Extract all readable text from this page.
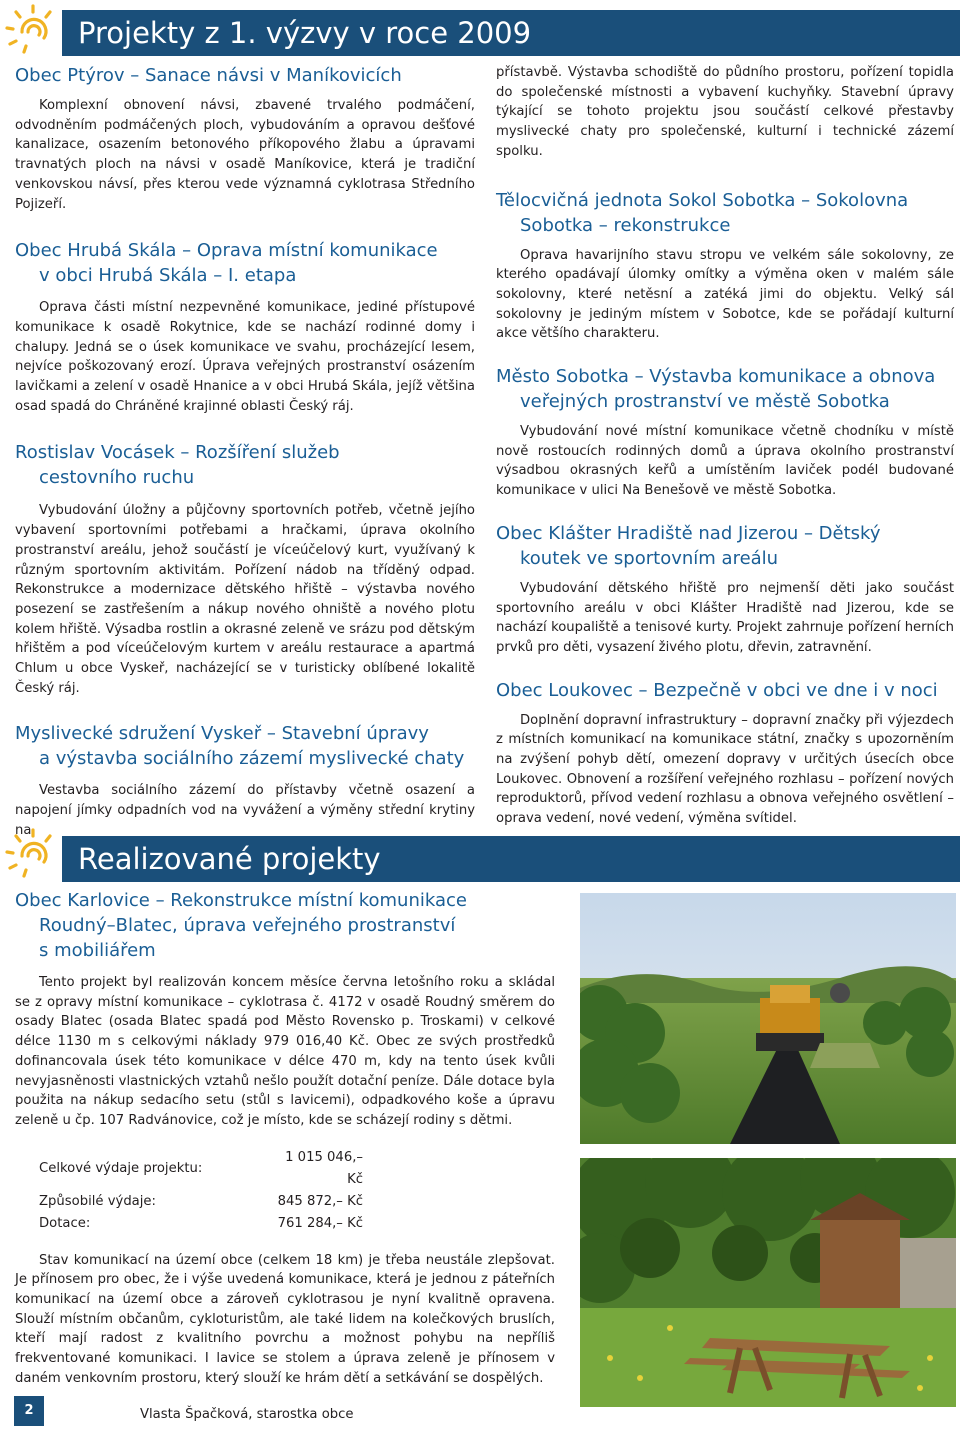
Projekty z 1. výzvy v roce 2009
Obec Ptýrov – Sanace návsi v Maníkovicích

Komplexní obnovení návsi, zbavené trvalého podmáčení, odvodněním podmáčených ploch, vybudováním a opravou dešťové kanalizace, osazením betonového příkopového žlabu a úpravami travnatých ploch na návsi v osadě Maníkovice, která je tradiční venkovskou návsí, přes kterou vede významná cyklotrasa Středního Pojizeří.

Obec Hrubá Skála – Oprava místní komunikace
v obci Hrubá Skála – I. etapa

Oprava části místní nezpevněné komunikace, jediné přístupové komunikace k osadě Rokytnice, kde se nachází rodinné domy i chalupy. Jedná se o úsek komunikace ve svahu, procházející lesem, nejvíce poškozovaný erozí. Úprava veřejných prostranství osázením lavičkami a zelení v osadě Hnanice a v obci Hrubá Skála, jejíž většina osad spadá do Chráněné krajinné oblasti Český ráj.

Rostislav Vocásek – Rozšíření služeb
cestovního ruchu

Vybudování úložny a půjčovny sportovních potřeb, včetně jejího vybavení sportovními potřebami a hračkami, úprava okolního prostranství areálu, jehož součástí je víceúčelový kurt, využívaný k různým sportovním aktivitám. Pořízení nádob na tříděný odpad. Rekonstrukce a modernizace dětského hřiště – výstavba nového posezení se zastřešením a nákup nového ohniště a nového plotu kolem hřiště. Výsadba rostlin a okrasné zeleně ve srázu pod dětským hřištěm a pod víceúčelovým kurtem v areálu restaurace a apartmá Chlum u obce Vyskeř, nacházející se v turisticky oblíbené lokalitě Český ráj.

Myslivecké sdružení Vyskeř – Stavební úpravy
a výstavba sociálního zázemí myslivecké chaty

Vestavba sociálního zázemí do přístavby včetně osazení a napojení jímky odpadních vod na vyvážení a výměny střední krytiny na

přístavbě. Výstavba schodiště do půdního prostoru, pořízení topidla do společenské místnosti a vybavení kuchyňky. Stavební úpravy týkající se tohoto projektu jsou součástí celkové přestavby myslivecké chaty pro společenské, kulturní i technické zázemí spolku.

Tělocvičná jednota Sokol Sobotka – Sokolovna
Sobotka – rekonstrukce

Oprava havarijního stavu stropu ve velkém sále sokolovny, ze kterého opadávají úlomky omítky a výměna oken v malém sále sokolovny, které netěsní a zatéká jimi do objektu. Velký sál sokolovny je jediným místem v Sobotce, kde se pořádají kulturní akce většího charakteru.

Město Sobotka – Výstavba komunikace a obnova
veřejných prostranství ve městě Sobotka

Vybudování nové místní komunikace včetně chodníku v místě nově rostoucích rodinných domů a úprava okolního prostranství výsadbou okrasných keřů a umístěním laviček podél budované komunikace v ulici Na Benešově ve městě Sobotka.

Obec Klášter Hradiště nad Jizerou – Dětský
koutek ve sportovním areálu

Vybudování dětského hřiště pro nejmenší děti jako součást sportovního areálu v obci Klášter Hradiště nad Jizerou, kde se nachází koupaliště a tenisové kurty. Projekt zahrnuje pořízení herních prvků pro děti, vysazení živého plotu, dřevin, zatravnění.

Obec Loukovec – Bezpečně v obci ve dne i v noci

Doplnění dopravní infrastruktury – dopravní značky při výjezdech z místních komunikací na komunikace státní, značky s upozorněním na zvýšení pohyb dětí, omezení dopravy v určitých úsecích obce Loukovec. Obnovení a rozšíření veřejného rozhlasu – pořízení nových reproduktorů, přívod vedení rozhlasu a obnova veřejného osvětlení – oprava vedení, nové vedení, výměna svítidel.

Realizované projekty
Obec Karlovice – Rekonstrukce místní komunikace
Roudný–Blatec, úprava veřejného prostranství
s mobiliářem

Tento projekt byl realizován koncem měsíce června letošního roku a skládal se z opravy místní komunikace – cyklotrasa č. 4172 v osadě Roudný směrem do osady Blatec (osada Blatec spadá pod Město Rovensko p. Troskami) v celkové délce 1130 m s celkovými náklady 979 016,40 Kč. Obec ze svých prostředků dofinancovala úsek této komunikace v délce 470 m, kdy na tento úsek kvůli nevyjasněnosti vlastnických vztahů nešlo použít dotační peníze. Dále dotace byla použita na nákup sedacího setu (stůl s lavicemi), odpadkového koše a úpravu zeleně u čp. 107 Radvánovice, což je místo, kde se scházejí rodiny s dětmi.

Celkové výdaje projektu:	1 015 046,– Kč
Způsobilé výdaje:	845 872,– Kč
Dotace:	761 284,– Kč

Stav komunikací na území obce (celkem 18 km) je třeba neustále zlepšovat. Je přínosem pro obec, že i výše uvedená komunikace, která je jednou z páteřních komunikací na území obce a zároveň cyklotrasou je nyní kvalitně opravena. Slouží místním občanům, cykloturistům, ale také lidem na kolečkových bruslích, kteří mají radost z kvalitního povrchu a možnost pohybu na nepříliš frekventované komunikaci. I lavice se stolem a úprava zeleně je přínosem v daném venkovním prostoru, který slouží ke hrám dětí a setkávání se dospělých.

Vlasta Špačková, starostka obce

2
